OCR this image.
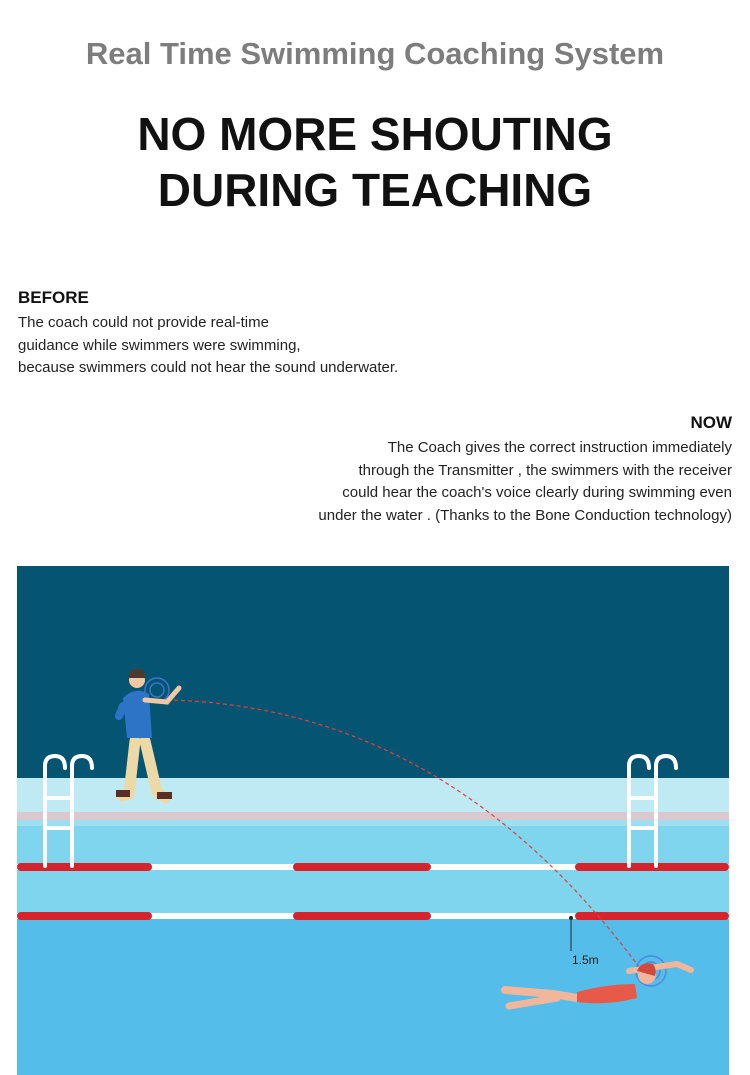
Real Time Swimming Coaching System
NO MORE SHOUTING
DURING TEACHING
BEFORE

The coach could not provide real-time

guidance while swimmers were swimming,

because swimmers could not hear the sound underwater.

NOW

The Coach gives the correct instruction immediately

through the Transmitter , the swimmers with the receiver

could hear the coach's voice clearly during swimming even

under the water . (Thanks to the Bone Conduction technology)

1.5m
